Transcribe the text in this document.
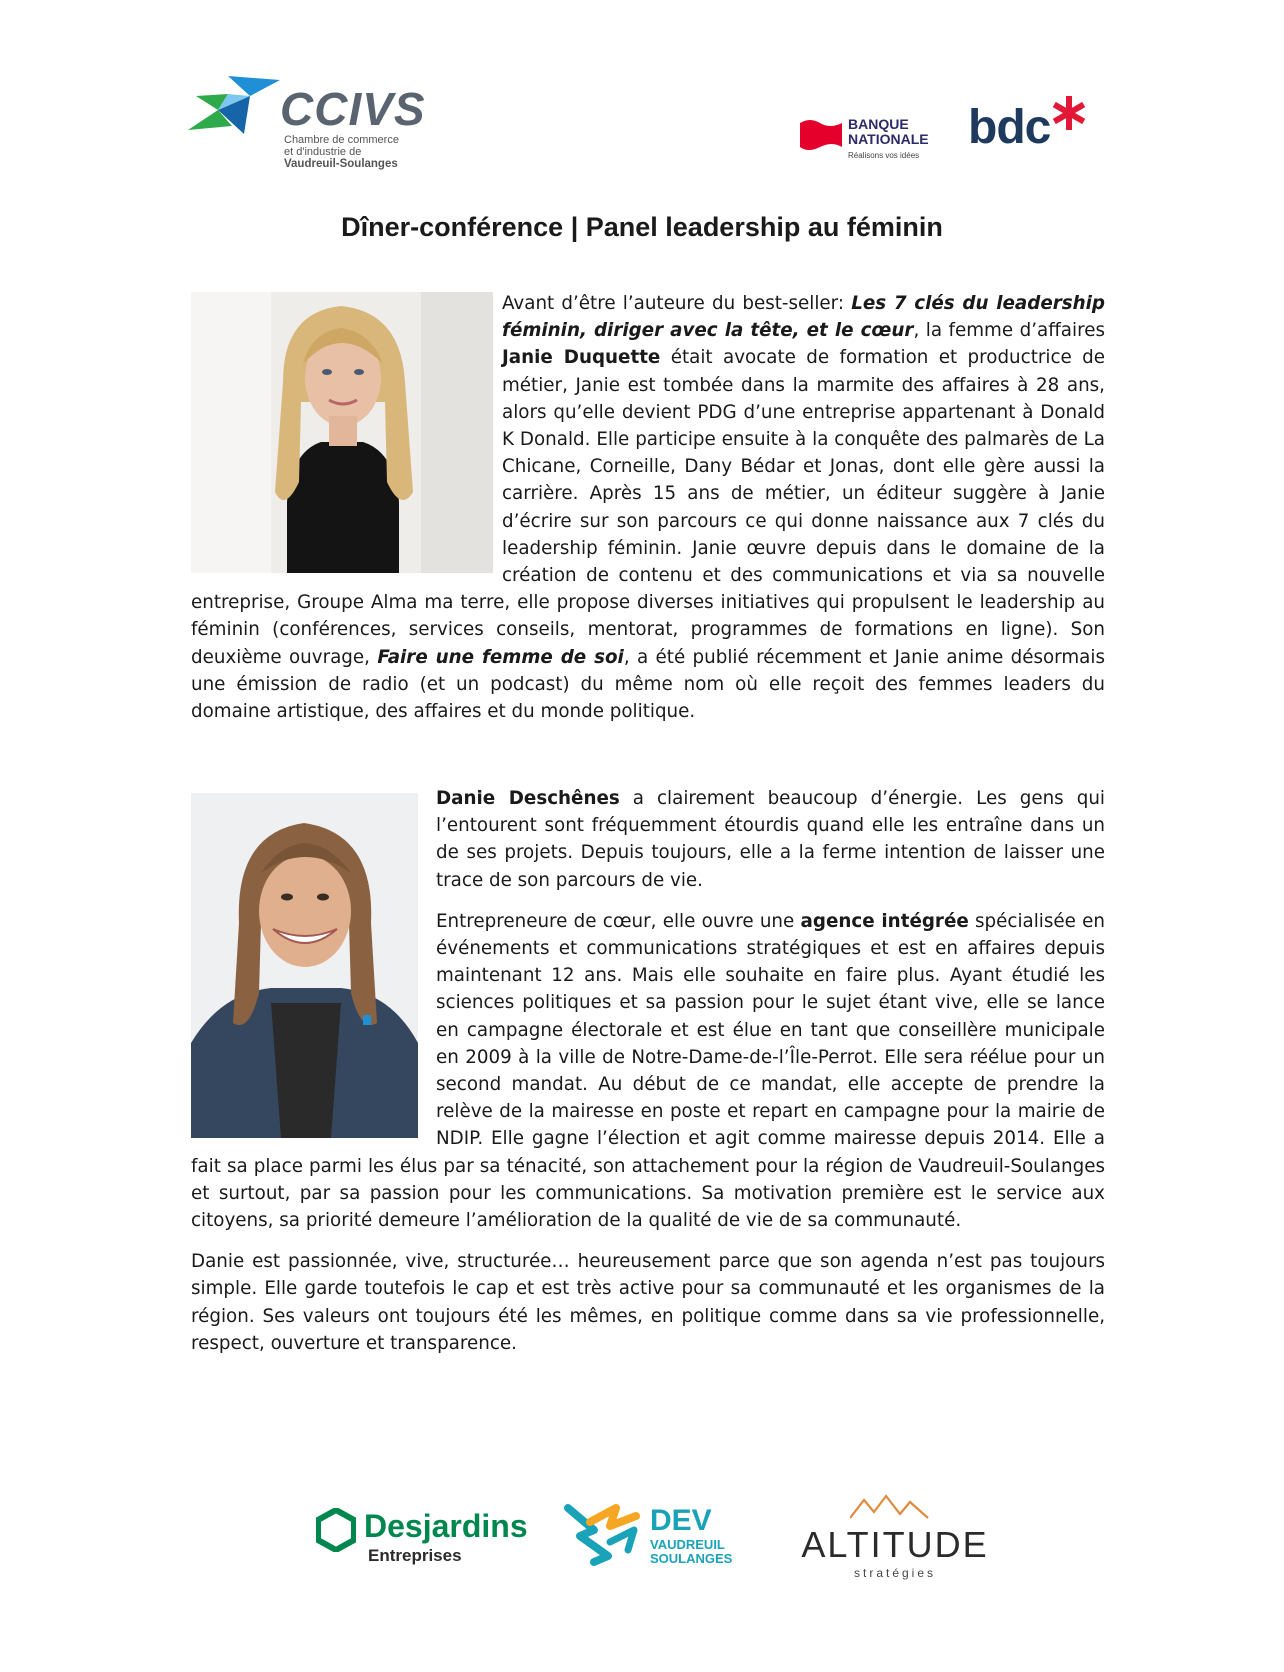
CCIVS
Chambre de commerce
et d'industrie de
Vaudreuil-Soulanges
BANQUE
NATIONALE
Réalisons vos idées
bdc
Dîner-conférence | Panel leadership au féminin
Avant d’être l’auteure du best-seller: Les 7 clés du leadership féminin, diriger avec la tête, et le cœur, la femme d’affaires Janie Duquette était avocate de formation et productrice de métier, Janie est tombée dans la marmite des affaires à 28 ans, alors qu’elle devient PDG d’une entreprise appartenant à Donald K Donald. Elle participe ensuite à la conquête des palmarès de La Chicane, Corneille, Dany Bédar et Jonas, dont elle gère aussi la carrière. Après 15 ans de métier, un éditeur suggère à Janie d’écrire sur son parcours ce qui donne naissance aux 7 clés du leadership féminin. Janie œuvre depuis dans le domaine de la création de contenu et des communications et via sa nouvelle entreprise, Groupe Alma ma terre, elle propose diverses initiatives qui propulsent le leadership au féminin (conférences, services conseils, mentorat, programmes de formations en ligne). Son deuxième ouvrage, Faire une femme de soi, a été publié récemment et Janie anime désormais une émission de radio (et un podcast) du même nom où elle reçoit des femmes leaders du domaine artistique, des affaires et du monde politique.

Danie Deschênes a clairement beaucoup d’énergie. Les gens qui l’entourent sont fréquemment étourdis quand elle les entraîne dans un de ses projets. Depuis toujours, elle a la ferme intention de laisser une trace de son parcours de vie.

Entrepreneure de cœur, elle ouvre une agence intégrée spécialisée en événements et communications stratégiques et est en affaires depuis maintenant 12 ans. Mais elle souhaite en faire plus. Ayant étudié les sciences politiques et sa passion pour le sujet étant vive, elle se lance en campagne électorale et est élue en tant que conseillère municipale en 2009 à la ville de Notre-Dame-de-l’Île-Perrot. Elle sera réélue pour un second mandat. Au début de ce mandat, elle accepte de prendre la relève de la mairesse en poste et repart en campagne pour la mairie de NDIP. Elle gagne l’élection et agit comme mairesse depuis 2014. Elle a fait sa place parmi les élus par sa ténacité, son attachement pour la région de Vaudreuil-Soulanges et surtout, par sa passion pour les communications. Sa motivation première est le service aux citoyens, sa priorité demeure l’amélioration de la qualité de vie de sa communauté.

Danie est passionnée, vive, structurée… heureusement parce que son agenda n’est pas toujours simple. Elle garde toutefois le cap et est très active pour sa communauté et les organismes de la région. Ses valeurs ont toujours été les mêmes, en politique comme dans sa vie professionnelle, respect, ouverture et transparence.

Desjardins
Entreprises
DEV
VAUDREUIL
SOULANGES	ALTITUDE
stratégies
